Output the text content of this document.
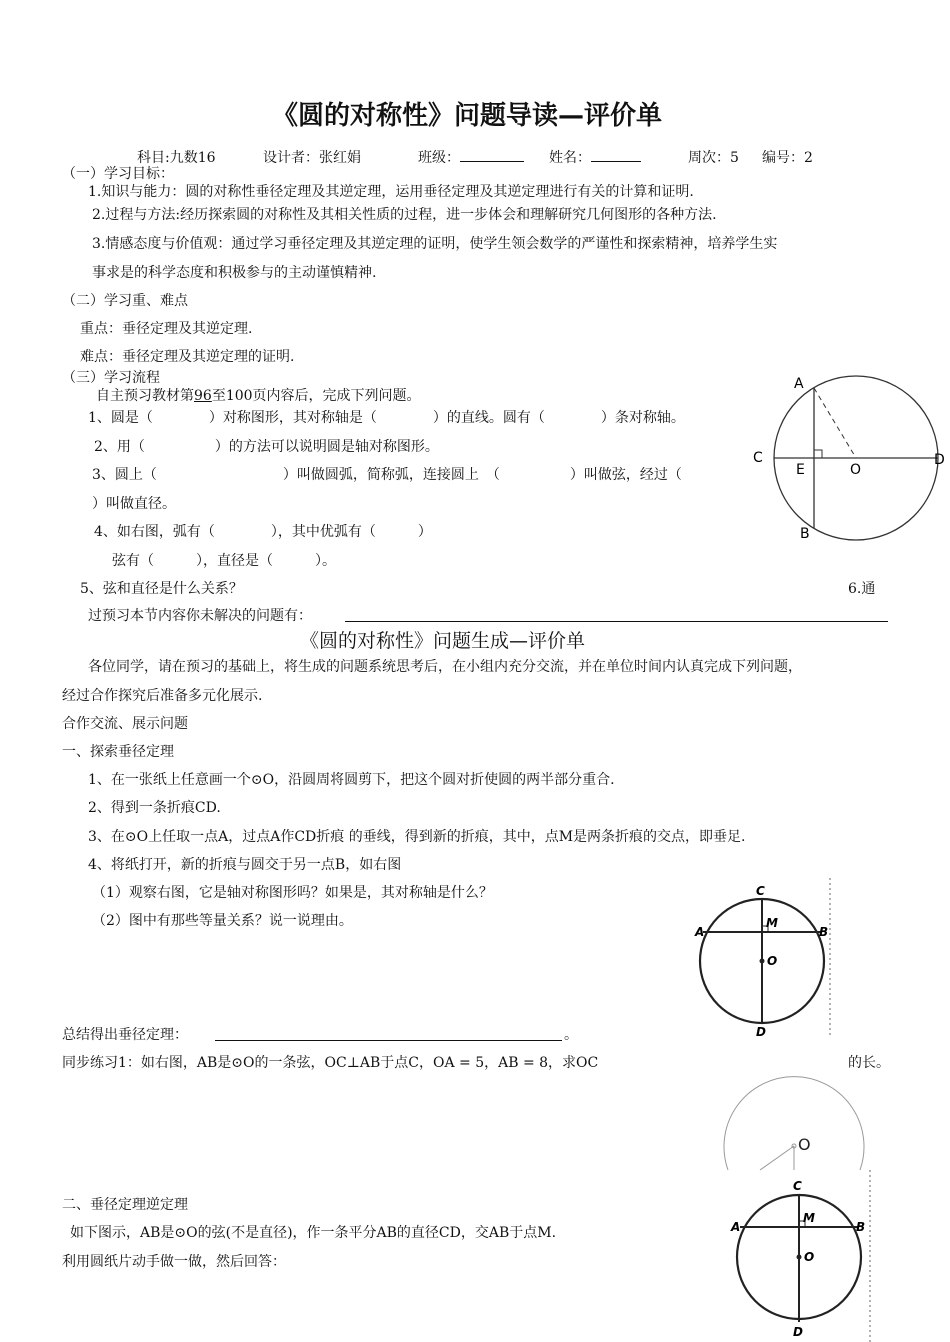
《圆的对称性》问题导读—评价单
科目:九数16	设计者：张红娟	班级：	姓名：	周次：5 编号：2
（一）学习目标：
1.知识与能力：圆的对称性垂径定理及其逆定理，运用垂径定理及其逆定理进行有关的计算和证明.
2.过程与方法:经历探索圆的对称性及其相关性质的过程，进一步体会和理解研究几何图形的各种方法.
3.情感态度与价值观：通过学习垂径定理及其逆定理的证明，使学生领会数学的严谨性和探索精神，培养学生实
事求是的科学态度和积极参与的主动谨慎精神.
（二）学习重、难点
重点：垂径定理及其逆定理.
难点：垂径定理及其逆定理的证明.
（三）学习流程
自主预习教材第96至100页内容后，完成下列问题。
1、圆是（　　　　）对称图形，其对称轴是（　　　　）的直线。圆有（　　　　）条对称轴。
2、用（　　　　　）的方法可以说明圆是轴对称图形。
3、圆上（　　　　　　　　　）叫做圆弧，简称弧，连接圆上　（　　　　　）叫做弦，经过（
）叫做直径。
4、如右图，弧有（　　　　），其中优弧有（　　　）
弦有（　　　），直径是（　　　）。
5、弦和直径是什么关系？	6.通
过预习本节内容你未解决的问题有：
A
C
E	O
D
B
《圆的对称性》问题生成—评价单
各位同学，请在预习的基础上，将生成的问题系统思考后，在小组内充分交流，并在单位时间内认真完成下列问题，
经过合作探究后准备多元化展示.
合作交流、展示问题
一、探索垂径定理
1、在一张纸上任意画一个⊙O，沿圆周将圆剪下，把这个圆对折使圆的两半部分重合.
2、得到一条折痕CD.
3、在⊙O上任取一点A，过点A作CD折痕 的垂线，得到新的折痕，其中，点M是两条折痕的交点，即垂足.
4、将纸打开，新的折痕与圆交于另一点B，如右图
（1）观察右图，它是轴对称图形吗？如果是，其对称轴是什么？
（2）图中有那些等量关系？说一说理由。
总结得出垂径定理：	。
同步练习1：如右图，AB是⊙O的一条弦，OC⊥AB于点C，OA = 5，AB = 8，求OC	的长。
二、垂径定理逆定理
如下图示，AB是⊙O的弦(不是直径)，作一条平分AB的直径CD，交AB于点M.
利用圆纸片动手做一做，然后回答：
C
A
M
B
O
D
O
C
A
M
B
O
D
